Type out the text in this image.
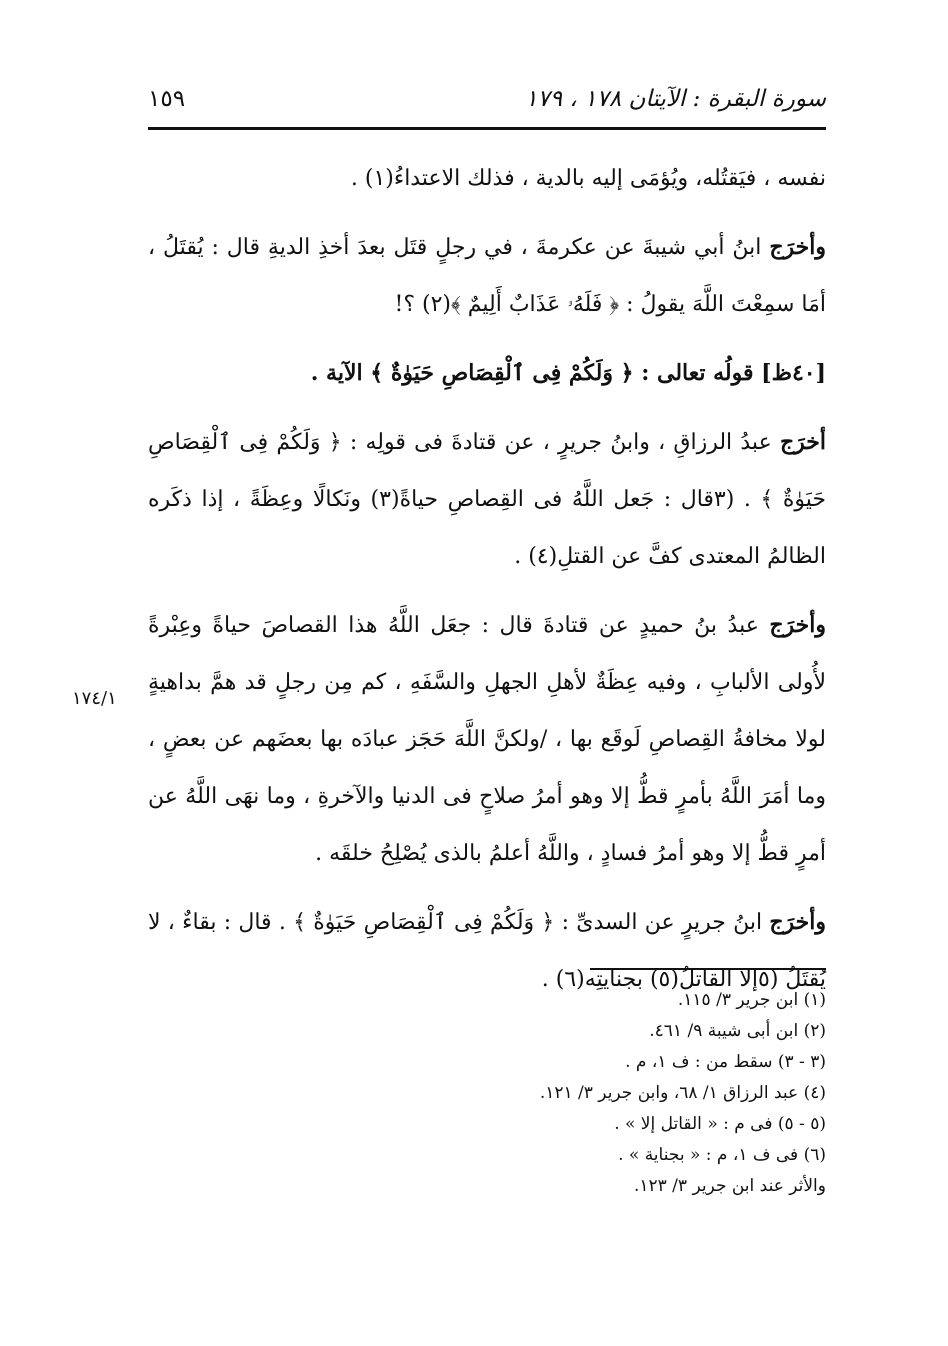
سورة البقرة : الآيتان ١٧٨ ، ١٧٩
١٥٩
١٧٤/١

نفسه ، فيَقتُله، ويُؤمَى إليه بالدية ، فذلك الاعتداءُ(١) .

وأخرَج ابنُ أبي شيبةَ عن عكرمةَ ، في رجلٍ قتَل بعدَ أخذِ الديةِ قال : يُقتَلُ ، أمَا سمِعْتَ اللَّهَ يقولُ : ﴿ فَلَهُۥ عَذَابٌ أَلِيمٌ ﴾(٢) ؟!

[٤٠ظ] قولُه تعالى : ﴿ وَلَكُمْ فِى ٱلْقِصَاصِ حَيَوٰةٌ ﴾ الآية .

أخرَج عبدُ الرزاقِ ، وابنُ جريرٍ ، عن قتادةَ فى قولِه : ﴿ وَلَكُمْ فِى ٱلْقِصَاصِ حَيَوٰةٌ ﴾ . (٣قال : جَعل اللَّهُ فى القِصاصِ حياةً(٣) ونَكالًا وعِظَةً ، إذا ذكَره الظالمُ المعتدى كفَّ عن القتلِ(٤) .

وأخرَج عبدُ بنُ حميدٍ عن قتادةَ قال : جعَل اللَّهُ هذا القصاصَ حياةً وعِبْرةً لأُولى الألبابِ ، وفيه عِظَةٌ لأهلِ الجهلِ والسَّفَهِ ، كم مِن رجلٍ قد همَّ بداهيةٍ لولا مخافةُ القِصاصِ لَوقَع بها ، /ولكنَّ اللَّهَ حَجَز عبادَه بها بعضَهم عن بعضٍ ، وما أمَرَ اللَّهُ بأمرٍ قطُّ إلا وهو أمرُ صلاحٍ فى الدنيا والآخرةِ ، وما نهَى اللَّهُ عن أمرٍ قطُّ إلا وهو أمرُ فسادٍ ، واللَّهُ أعلمُ بالذى يُصْلِحُ خلقَه .

وأخرَج ابنُ جريرٍ عن السدىِّ : ﴿ وَلَكُمْ فِى ٱلْقِصَاصِ حَيَوٰةٌ ﴾ . قال : بقاءٌ ، لا يُقتَلُ (٥إلا القاتلُ(٥) بجنايتِه(٦) .

(١) ابن جرير ٣/ ١١٥.

(٢) ابن أبى شيبة ٩/ ٤٦١.

(٣ - ٣) سقط من : ف ١، م .

(٤) عبد الرزاق ١/ ٦٨، وابن جرير ٣/ ١٢١.

(٥ - ٥) فى م : « القاتل إلا » .

(٦) فى ف ١، م : « بجناية » .

والأثر عند ابن جرير ٣/ ١٢٣.
